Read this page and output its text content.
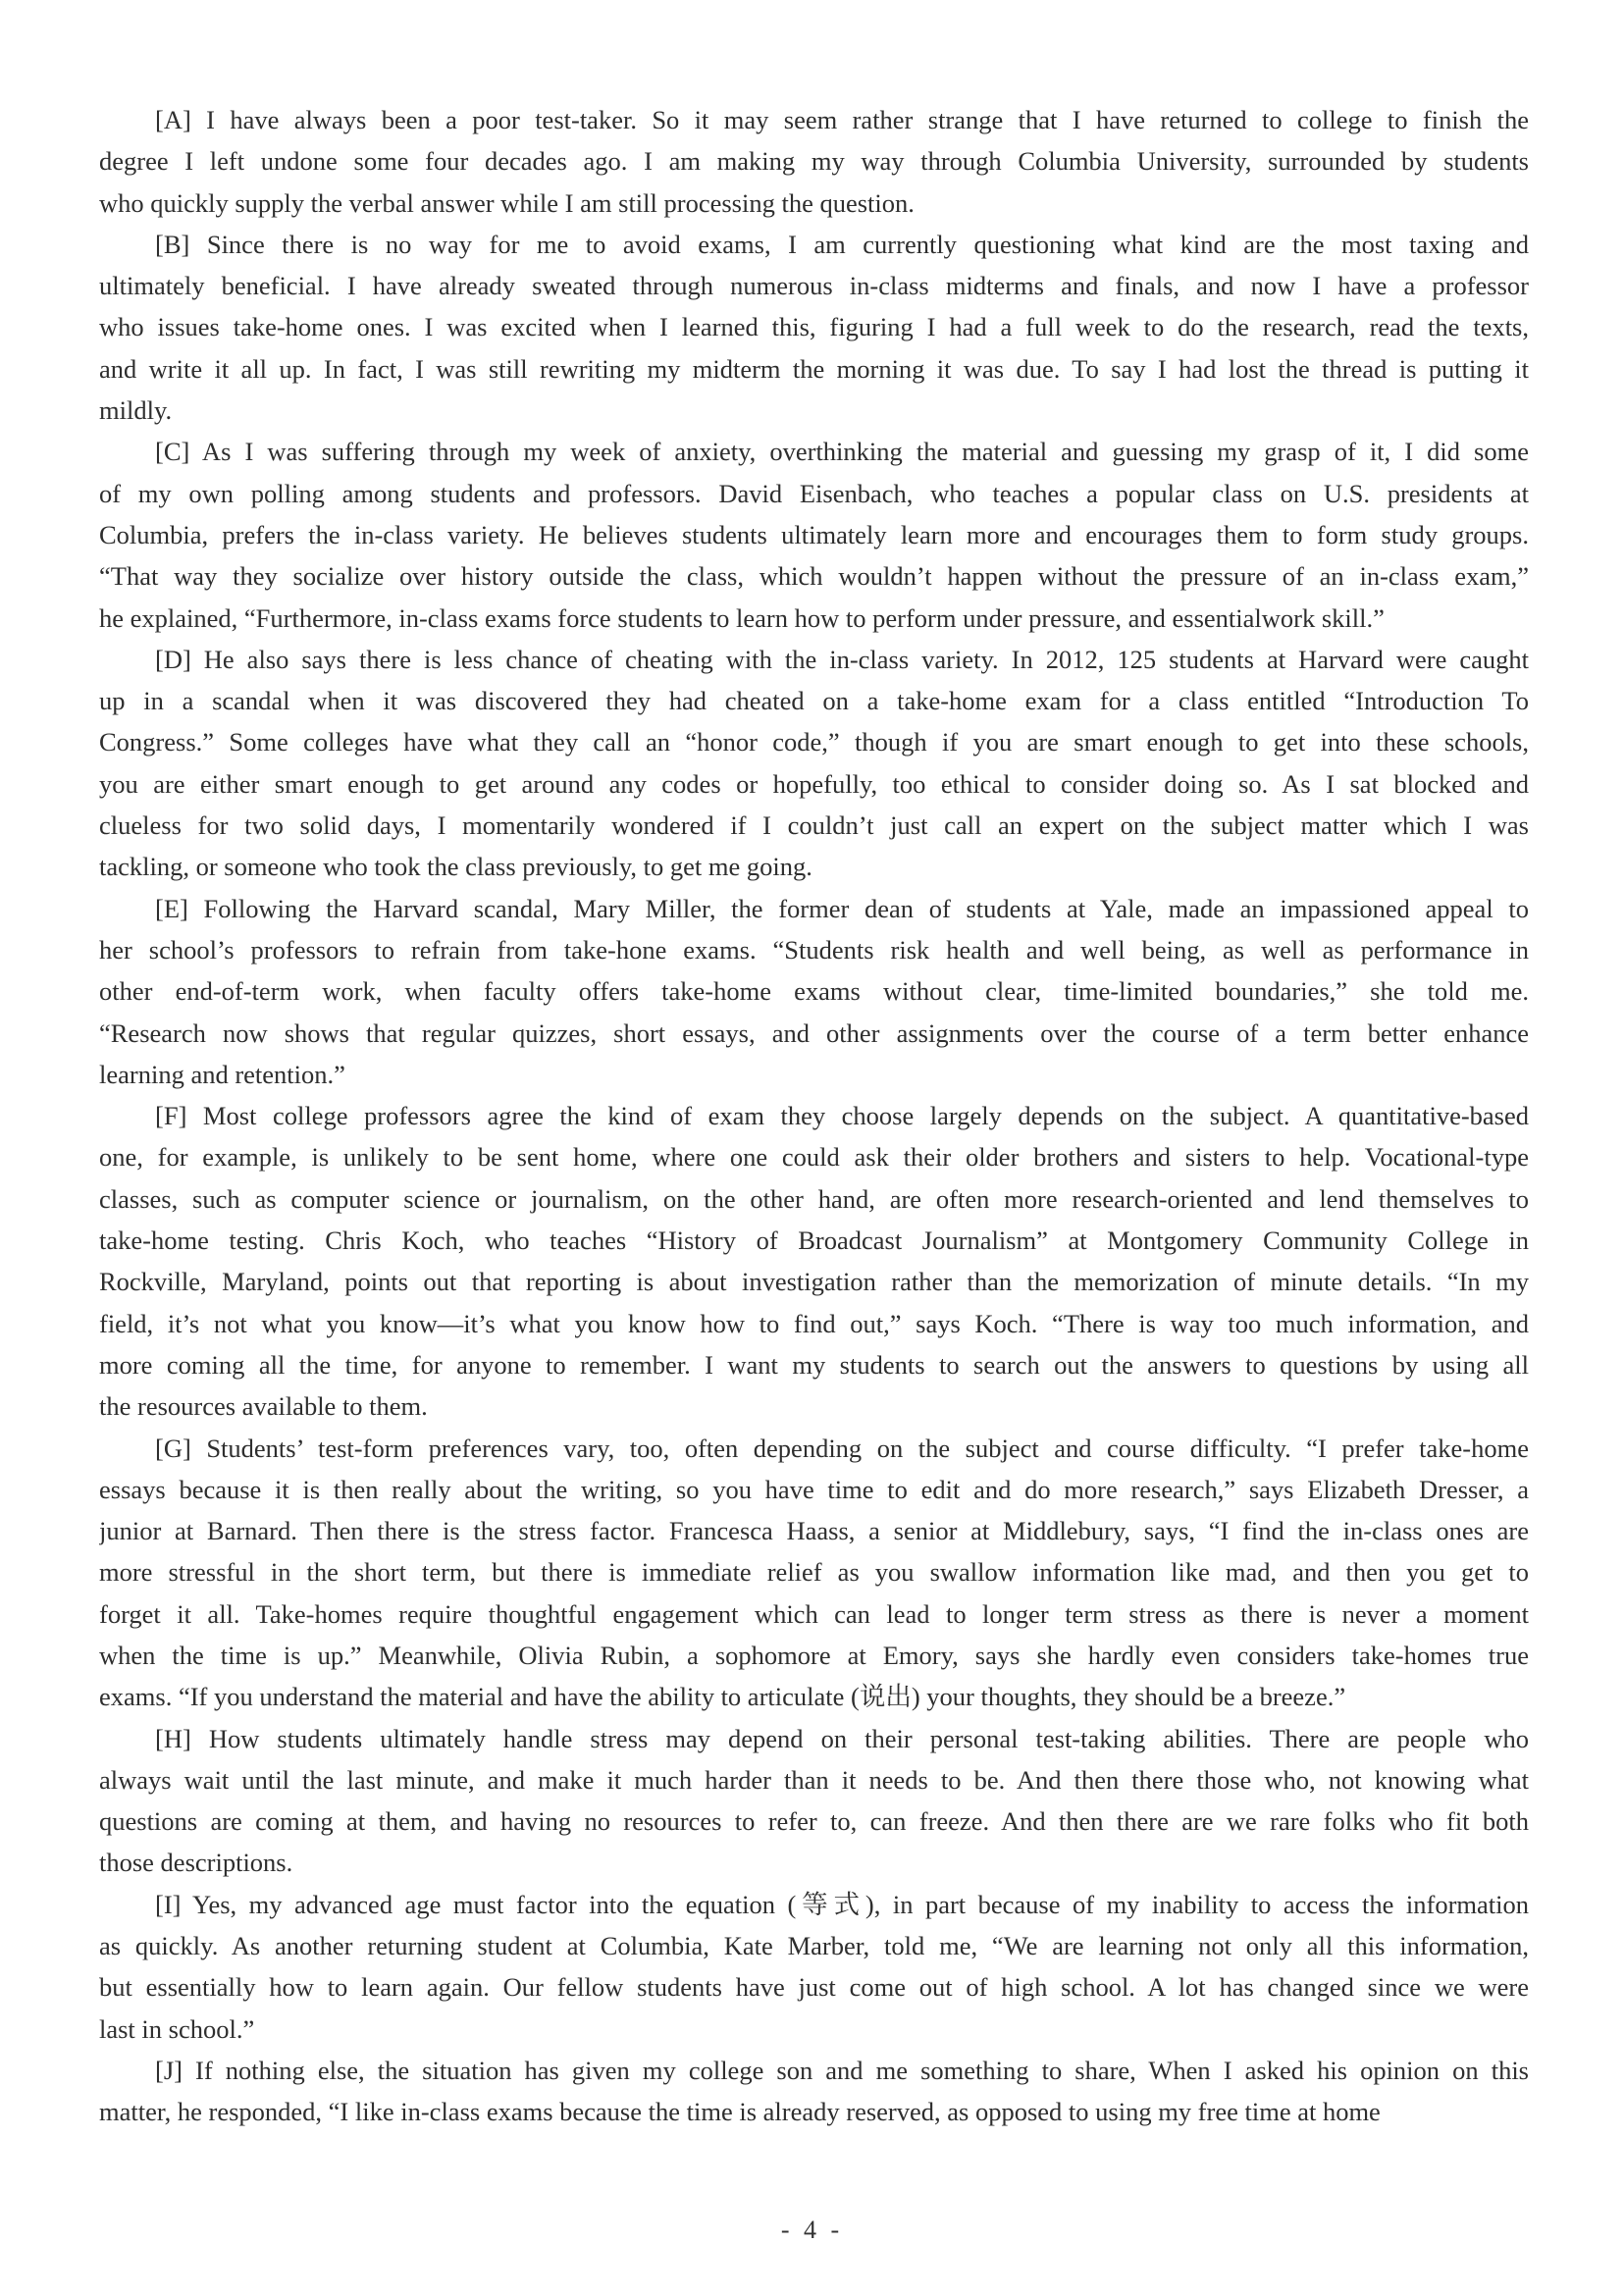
[A] I have always been a poor test-taker. So it may seem rather strange that I have returned to college to finish the
degree I left undone some four decades ago. I am making my way through Columbia University, surrounded by students
who quickly supply the verbal answer while I am still processing the question.
[B] Since there is no way for me to avoid exams, I am currently questioning what kind are the most taxing and
ultimately beneficial. I have already sweated through numerous in-class midterms and finals, and now I have a professor
who issues take-home ones. I was excited when I learned this, figuring I had a full week to do the research, read the texts,
and write it all up. In fact, I was still rewriting my midterm the morning it was due. To say I had lost the thread is putting it
mildly.
[C] As I was suffering through my week of anxiety, overthinking the material and guessing my grasp of it, I did some
of my own polling among students and professors. David Eisenbach, who teaches a popular class on U.S. presidents at
Columbia, prefers the in-class variety. He believes students ultimately learn more and encourages them to form study groups.
“That way they socialize over history outside the class, which wouldn’t happen without the pressure of an in-class exam,”
he explained, “Furthermore, in-class exams force students to learn how to perform under pressure, and essentialwork skill.”
[D] He also says there is less chance of cheating with the in-class variety. In 2012, 125 students at Harvard were caught
up in a scandal when it was discovered they had cheated on a take-home exam for a class entitled “Introduction To
Congress.” Some colleges have what they call an “honor code,” though if you are smart enough to get into these schools,
you are either smart enough to get around any codes or hopefully, too ethical to consider doing so. As I sat blocked and
clueless for two solid days, I momentarily wondered if I couldn’t just call an expert on the subject matter which I was
tackling, or someone who took the class previously, to get me going.
[E] Following the Harvard scandal, Mary Miller, the former dean of students at Yale, made an impassioned appeal to
her school’s professors to refrain from take-hone exams. “Students risk health and well being, as well as performance in
other end-of-term work, when faculty offers take-home exams without clear, time-limited boundaries,” she told me.
“Research now shows that regular quizzes, short essays, and other assignments over the course of a term better enhance
learning and retention.”
[F] Most college professors agree the kind of exam they choose largely depends on the subject. A quantitative-based
one, for example, is unlikely to be sent home, where one could ask their older brothers and sisters to help. Vocational-type
classes, such as computer science or journalism, on the other hand, are often more research-oriented and lend themselves to
take-home testing. Chris Koch, who teaches “History of Broadcast Journalism” at Montgomery Community College in
Rockville, Maryland, points out that reporting is about investigation rather than the memorization of minute details. “In my
field, it’s not what you know—it’s what you know how to find out,” says Koch. “There is way too much information, and
more coming all the time, for anyone to remember. I want my students to search out the answers to questions by using all
the resources available to them.
[G] Students’ test-form preferences vary, too, often depending on the subject and course difficulty. “I prefer take-home
essays because it is then really about the writing, so you have time to edit and do more research,” says Elizabeth Dresser, a
junior at Barnard. Then there is the stress factor. Francesca Haass, a senior at Middlebury, says, “I find the in-class ones are
more stressful in the short term, but there is immediate relief as you swallow information like mad, and then you get to
forget it all. Take-homes require thoughtful engagement which can lead to longer term stress as there is never a moment
when the time is up.” Meanwhile, Olivia Rubin, a sophomore at Emory, says she hardly even considers take-homes true
exams. “If you understand the material and have the ability to articulate (说出) your thoughts, they should be a breeze.”
[H] How students ultimately handle stress may depend on their personal test-taking abilities. There are people who
always wait until the last minute, and make it much harder than it needs to be. And then there those who, not knowing what
questions are coming at them, and having no resources to refer to, can freeze. And then there are we rare folks who fit both
those descriptions.
[I] Yes, my advanced age must factor into the equation (等式), in part because of my inability to access the information
as quickly. As another returning student at Columbia, Kate Marber, told me, “We are learning not only all this information,
but essentially how to learn again. Our fellow students have just come out of high school. A lot has changed since we were
last in school.”
[J] If nothing else, the situation has given my college son and me something to share, When I asked his opinion on this
matter, he responded, “I like in-class exams because the time is already reserved, as opposed to using my free time at home
- 4 -
